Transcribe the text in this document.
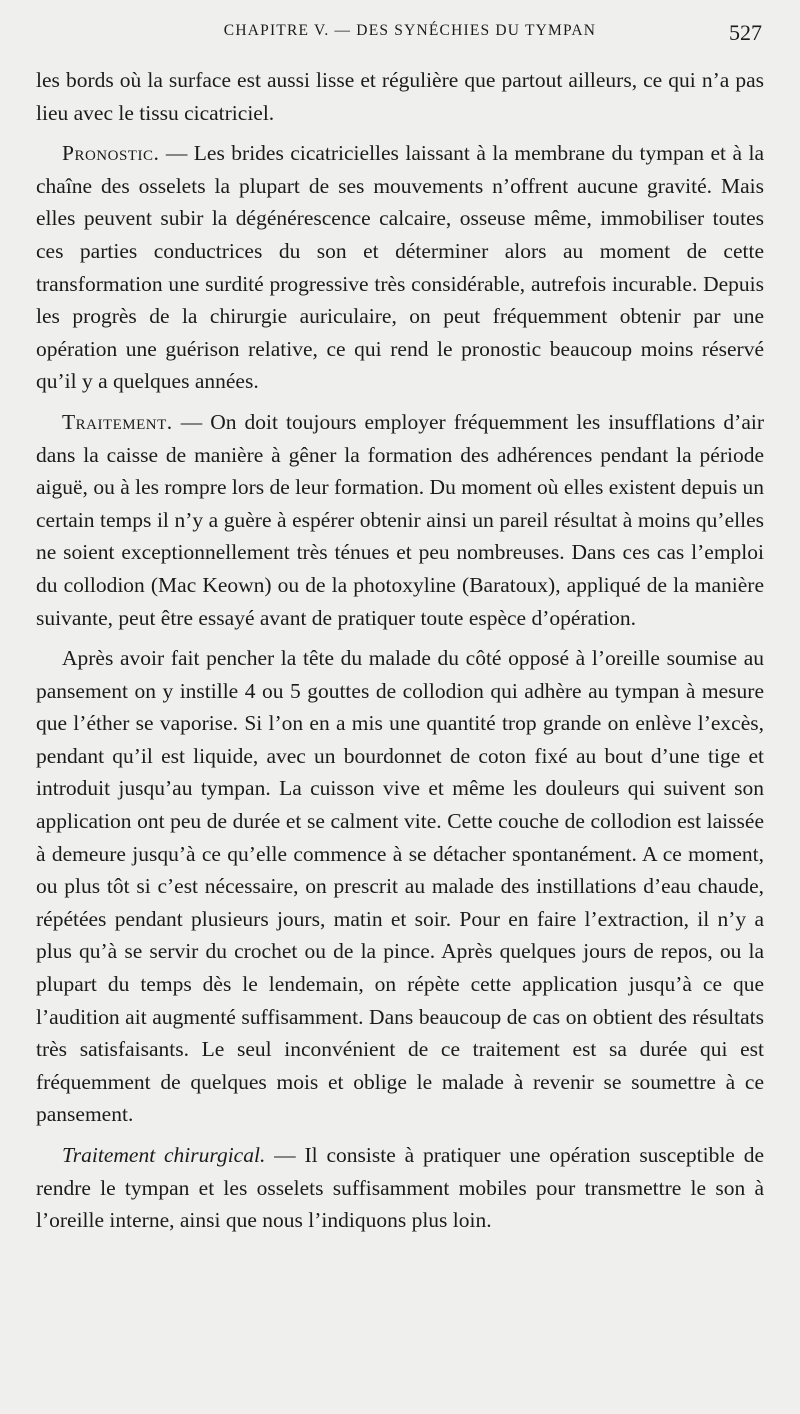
CHAPITRE V. — DES SYNÉCHIES DU TYMPAN	527

les bords où la surface est aussi lisse et régulière que partout ailleurs, ce qui n’a pas lieu avec le tissu cicatriciel.

Pronostic. — Les brides cicatricielles laissant à la membrane du tympan et à la chaîne des osselets la plupart de ses mouvements n’offrent aucune gravité. Mais elles peuvent subir la dégénérescence calcaire, osseuse même, immobiliser toutes ces parties conductrices du son et déterminer alors au moment de cette transformation une surdité progressive très considérable, autrefois incurable. Depuis les progrès de la chirurgie auriculaire, on peut fréquemment obtenir par une opération une guérison relative, ce qui rend le pronostic beaucoup moins réservé qu’il y a quelques années.

Traitement. — On doit toujours employer fréquemment les insufflations d’air dans la caisse de manière à gêner la formation des adhérences pendant la période aiguë, ou à les rompre lors de leur formation. Du moment où elles existent depuis un certain temps il n’y a guère à espérer obtenir ainsi un pareil résultat à moins qu’elles ne soient exceptionnellement très ténues et peu nombreuses. Dans ces cas l’emploi du collodion (Mac Keown) ou de la photoxyline (Baratoux), appliqué de la manière suivante, peut être essayé avant de pratiquer toute espèce d’opération.

Après avoir fait pencher la tête du malade du côté opposé à l’oreille soumise au pansement on y instille 4 ou 5 gouttes de collodion qui adhère au tympan à mesure que l’éther se vaporise. Si l’on en a mis une quantité trop grande on enlève l’excès, pendant qu’il est liquide, avec un bourdonnet de coton fixé au bout d’une tige et introduit jusqu’au tympan. La cuisson vive et même les douleurs qui suivent son application ont peu de durée et se calment vite. Cette couche de collodion est laissée à demeure jusqu’à ce qu’elle commence à se détacher spontanément. A ce moment, ou plus tôt si c’est nécessaire, on prescrit au malade des instillations d’eau chaude, répétées pendant plusieurs jours, matin et soir. Pour en faire l’extraction, il n’y a plus qu’à se servir du crochet ou de la pince. Après quelques jours de repos, ou la plupart du temps dès le lendemain, on répète cette application jusqu’à ce que l’audition ait augmenté suffisamment. Dans beaucoup de cas on obtient des résultats très satisfaisants. Le seul inconvénient de ce traitement est sa durée qui est fréquemment de quelques mois et oblige le malade à revenir se soumettre à ce pansement.

Traitement chirurgical. — Il consiste à pratiquer une opération susceptible de rendre le tympan et les osselets suffisamment mobiles pour transmettre le son à l’oreille interne, ainsi que nous l’indiquons plus loin.
